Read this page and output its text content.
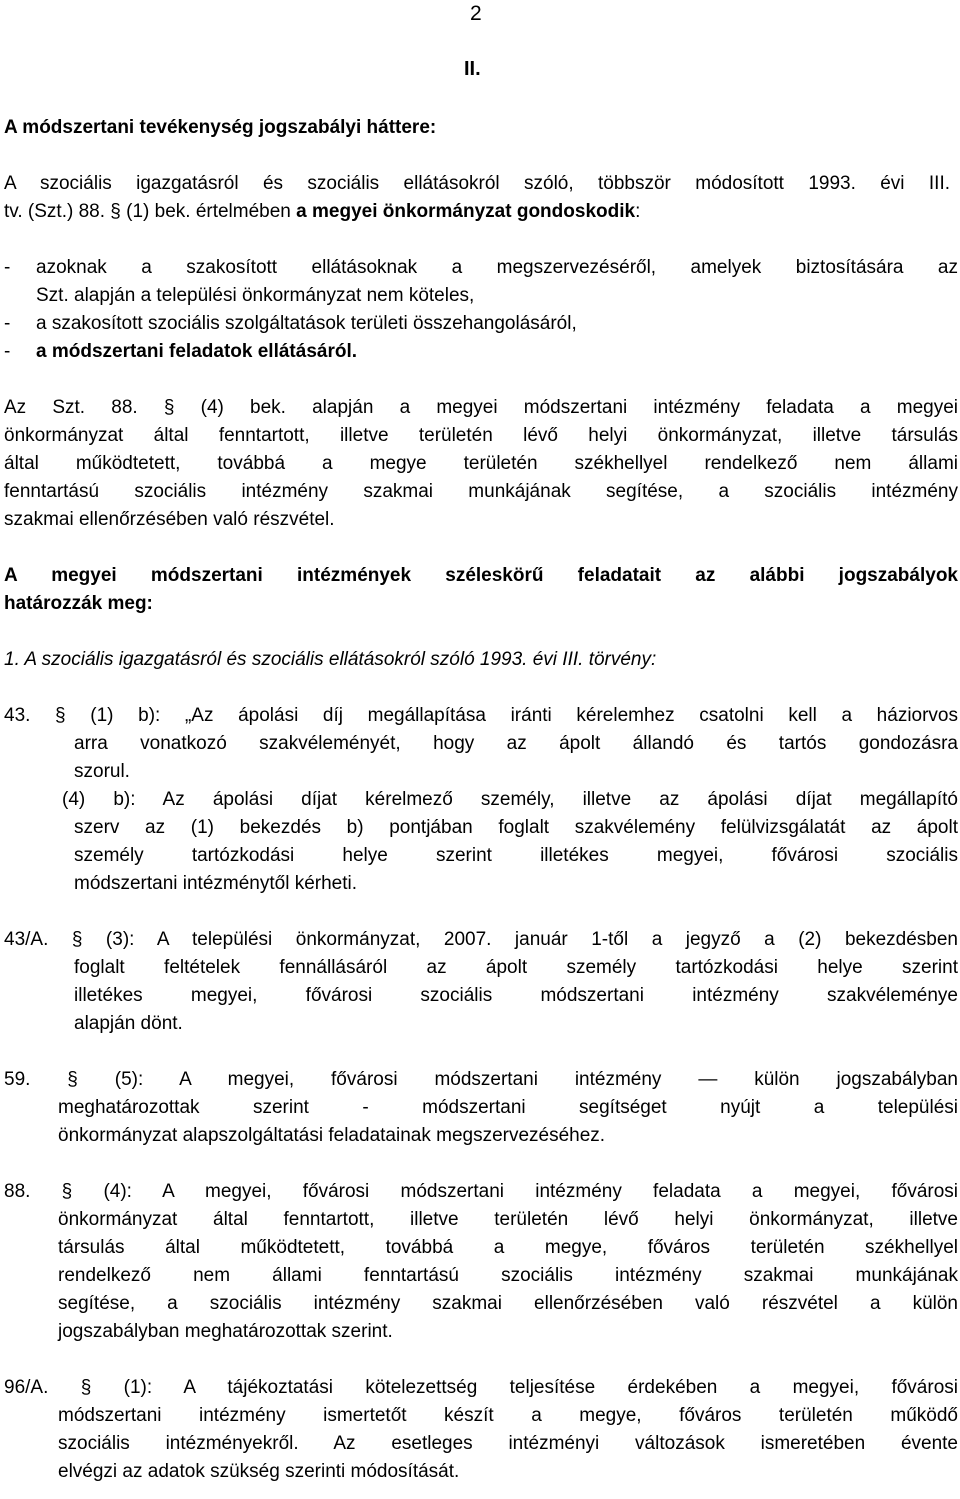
2
II.
A módszertani tevékenység jogszabályi háttere:
A szociális igazgatásról és szociális ellátásokról szóló, többször módosított 1993. évi III.
tv. (Szt.) 88. § (1) bek. értelmében a megyei önkormányzat gondoskodik:
- azoknak a szakosított ellátásoknak a megszervezéséről, amelyek biztosítására az
Szt. alapján a települési önkormányzat nem köteles,
- a szakosított szociális szolgáltatások területi összehangolásáról,
- a módszertani feladatok ellátásáról.
Az Szt. 88. § (4) bek. alapján a megyei módszertani intézmény feladata a megyei
önkormányzat által fenntartott, illetve területén lévő helyi önkormányzat, illetve társulás
által működtetett, továbbá a megye területén székhellyel rendelkező nem állami
fenntartású szociális intézmény szakmai munkájának segítése, a szociális intézmény
szakmai ellenőrzésében való részvétel.
A megyei módszertani intézmények széleskörű feladatait az alábbi jogszabályok
határozzák meg:
1. A szociális igazgatásról és szociális ellátásokról szóló 1993. évi III. törvény:
43. § (1) b): „Az ápolási díj megállapítása iránti kérelemhez csatolni kell a háziorvos
arra vonatkozó szakvéleményét, hogy az ápolt állandó és tartós gondozásra
szorul.
(4) b): Az ápolási díjat kérelmező személy, illetve az ápolási díjat megállapító
szerv az (1) bekezdés b) pontjában foglalt szakvélemény felülvizsgálatát az ápolt
személy tartózkodási helye szerint illetékes megyei, fővárosi szociális
módszertani intézménytől kérheti.
43/A. § (3): A települési önkormányzat, 2007. január 1-től a jegyző a (2) bekezdésben
foglalt feltételek fennállásáról az ápolt személy tartózkodási helye szerint
illetékes megyei, fővárosi szociális módszertani intézmény szakvéleménye
alapján dönt.
59. § (5): A megyei, fővárosi módszertani intézmény — külön jogszabályban
meghatározottak szerint - módszertani segítséget nyújt a települési
önkormányzat alapszolgáltatási feladatainak megszervezéséhez.
88. § (4): A megyei, fővárosi módszertani intézmény feladata a megyei, fővárosi
önkormányzat által fenntartott, illetve területén lévő helyi önkormányzat, illetve
társulás által működtetett, továbbá a megye, főváros területén székhellyel
rendelkező nem állami fenntartású szociális intézmény szakmai munkájának
segítése, a szociális intézmény szakmai ellenőrzésében való részvétel a külön
jogszabályban meghatározottak szerint.
96/A. § (1): A tájékoztatási kötelezettség teljesítése érdekében a megyei, fővárosi
módszertani intézmény ismertetőt készít a megye, főváros területén működő
szociális intézményekről. Az esetleges intézményi változások ismeretében évente
elvégzi az adatok szükség szerinti módosítását.
